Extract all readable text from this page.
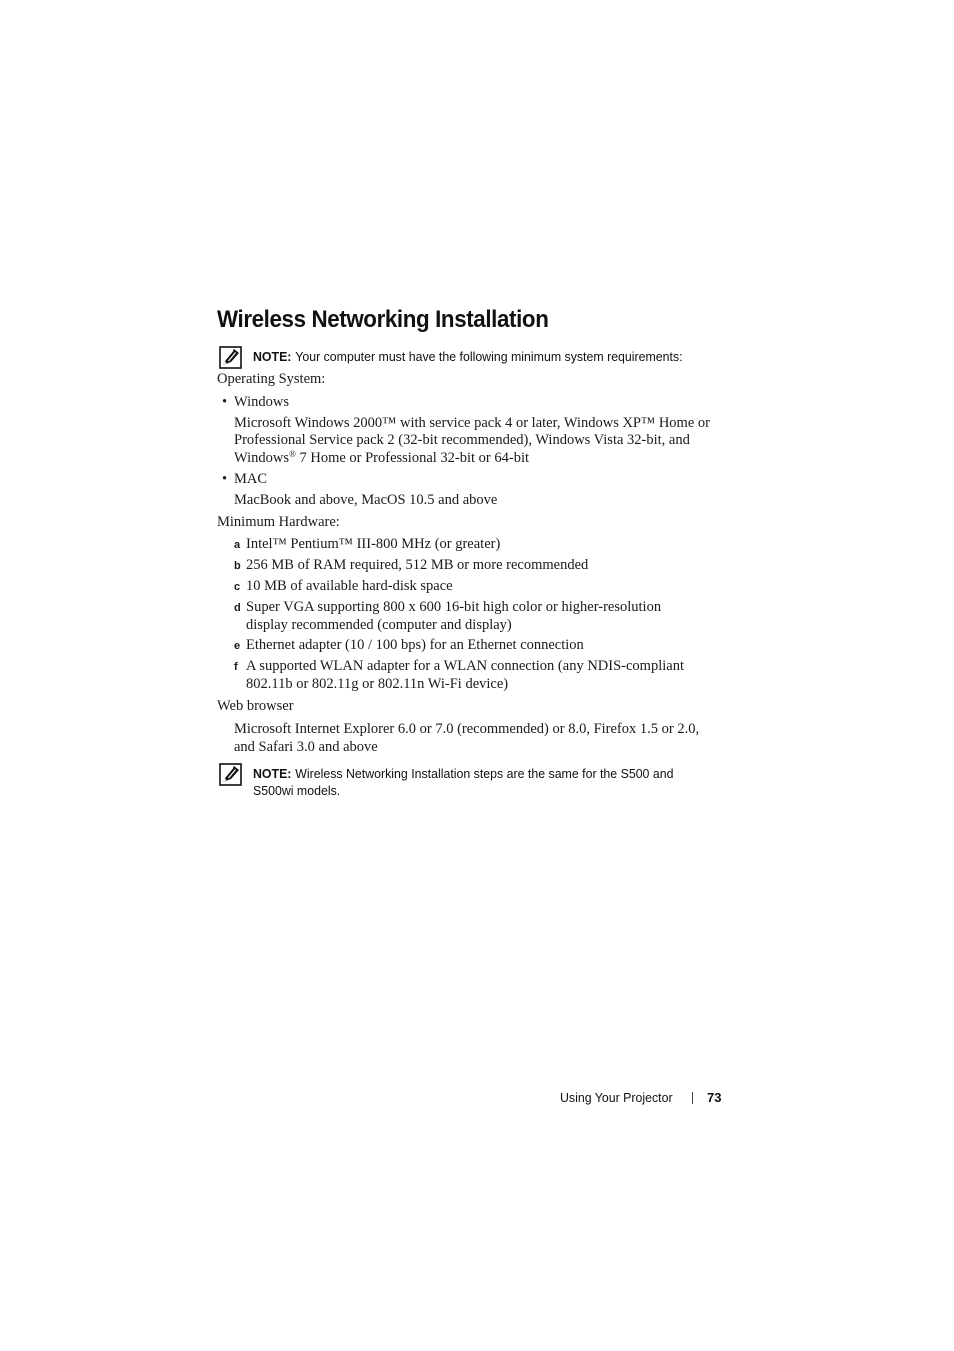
Wireless Networking Installation
NOTE: Your computer must have the following minimum system requirements:
Operating System:
• Windows
Microsoft Windows 2000™ with service pack 4 or later, Windows XP™ Home or
Professional Service pack 2 (32-bit recommended), Windows Vista 32-bit, and
Windows® 7 Home or Professional 32-bit or 64-bit
• MAC
MacBook and above, MacOS 10.5 and above
Minimum Hardware:
a Intel™ Pentium™ III-800 MHz (or greater)
b 256 MB of RAM required, 512 MB or more recommended
c 10 MB of available hard-disk space
d Super VGA supporting 800 x 600 16-bit high color or higher-resolution
display recommended (computer and display)
e Ethernet adapter (10 / 100 bps) for an Ethernet connection
f A supported WLAN adapter for a WLAN connection (any NDIS-compliant
802.11b or 802.11g or 802.11n Wi-Fi device)
Web browser
Microsoft Internet Explorer 6.0 or 7.0 (recommended) or 8.0, Firefox 1.5 or 2.0,
and Safari 3.0 and above
NOTE: Wireless Networking Installation steps are the same for the S500 and
S500wi models.
Using Your Projector	73
